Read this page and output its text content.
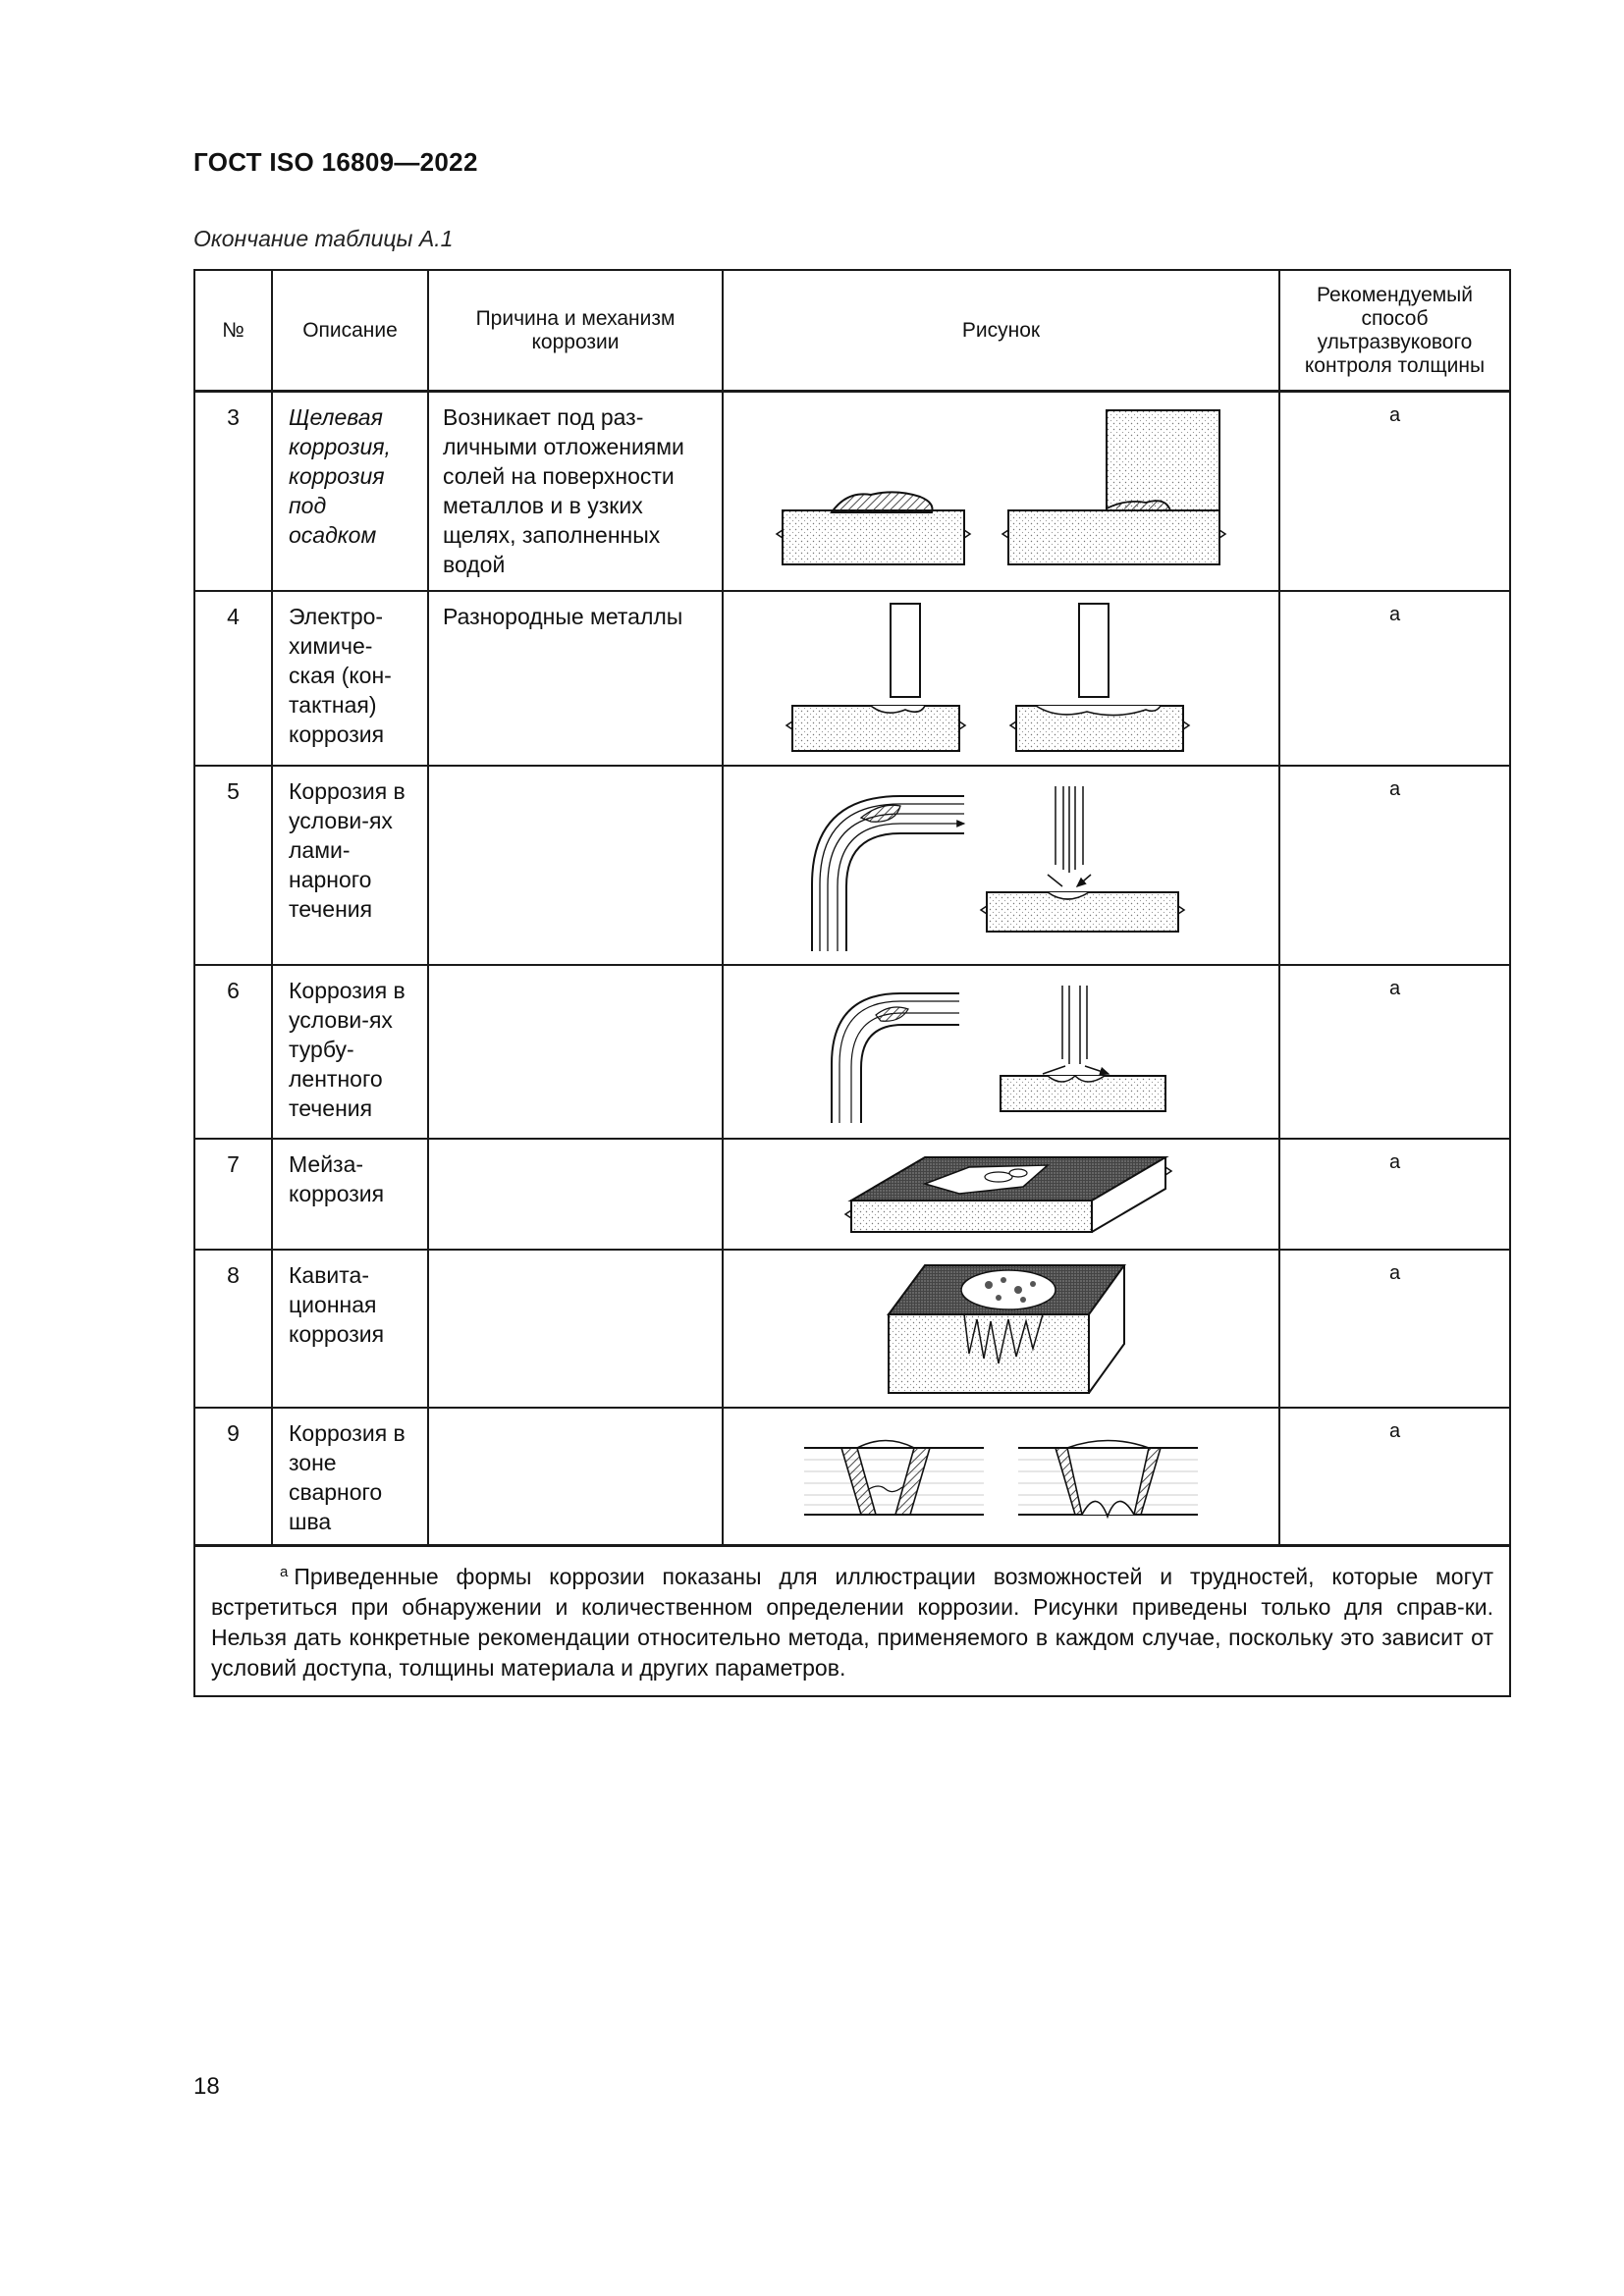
ГОСТ ISO 16809—2022
Окончание таблицы А.1
№	Описание	Причина и механизм коррозии	Рисунок	Рекомендуемый способ ультразвукового контроля толщины
3	Щелевая коррозия, коррозия под осадком	Возникает под раз-личными отложениями солей на поверхности металлов и в узких щелях, заполненных водой		а
4	Электро-химиче-ская (кон-тактная) коррозия	Разнородные металлы		а
5	Коррозия в услови-ях лами-нарного течения			а
6	Коррозия в услови-ях турбу-лентного течения			а
7	Мейза-коррозия			а
8	Кавита-ционная коррозия			а
9	Коррозия в зоне сварного шва			а
$^а$ Приведенные формы коррозии показаны для иллюстрации возможностей и трудностей, которые могут встретиться при обнаружении и количественном определении коррозии. Рисунки приведены только для справ-ки. Нельзя дать конкретные рекомендации относительно метода, применяемого в каждом случае, поскольку это зависит от условий доступа, толщины материала и других параметров.				
18
